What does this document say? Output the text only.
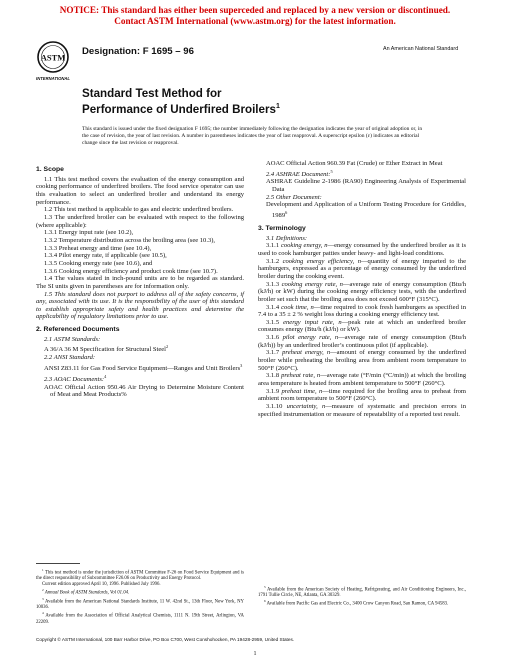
NOTICE: This standard has either been superceded and replaced by a new version or discontinued.
Contact ASTM International (www.astm.org) for the latest information.
ASTM
INTERNATIONAL
Designation: F 1695 – 96	An American National Standard
Standard Test Method for
Performance of Underfired Broilers$^1$
This standard is issued under the fixed designation F 1695; the number immediately following the designation indicates the year of original adoption or, in the case of revision, the year of last revision. A number in parentheses indicates the year of last reapproval. A superscript epsilon (ε) indicates an editorial change since the last revision or reapproval.
1. Scope

1.1 This test method covers the evaluation of the energy consumption and cooking performance of underfired broilers. The food service operator can use this evaluation to select an underfired broiler and understand its energy performance.

1.2 This test method is applicable to gas and electric underfired broilers.

1.3 The underfired broiler can be evaluated with respect to the following (where applicable):

1.3.1 Energy input rate (see 10.2),

1.3.2 Temperature distribution across the broiling area (see 10.3),

1.3.3 Preheat energy and time (see 10.4),

1.3.4 Pilot energy rate, if applicable (see 10.5),

1.3.5 Cooking energy rate (see 10.6), and

1.3.6 Cooking energy efficiency and product cook time (see 10.7).

1.4 The values stated in inch-pound units are to be regarded as standard. The SI units given in parentheses are for information only.

1.5 This standard does not purport to address all of the safety concerns, if any, associated with its use. It is the responsibility of the user of this standard to establish appropriate safety and health practices and determine the applicability of regulatory limitations prior to use.

2. Referenced Documents

2.1 ASTM Standards:

A 36/A 36 M Specification for Structural Steel$^2$

2.2 ANSI Standard:

ANSI Z83.11 for Gas Food Service Equipment—Ranges and Unit Broilers$^3$

2.3 AOAC Documents:$^4$

AOAC Official Action 950.46 Air Drying to Determine Moisture Content of Meat and Meat Products%

$^1$ This test method is under the jurisdiction of ASTM Committee F-26 on Food Service Equipment and is the direct responsibility of Subcommittee F26.06 on Productivity and Energy Protocol.

Current edition approved April 10, 1996. Published July 1996.

$^2$ Annual Book of ASTM Standards, Vol 01.04.

$^3$ Available from the American National Standards Institute, 11 W. 42nd St., 13th Floor, New York, NY 10036.

$^4$ Available from the Association of Official Analytical Chemists, 1111 N. 19th Street, Arlington, VA 22209.

AOAC Official Action 960.39 Fat (Crude) or Ether Extract in Meat

2.4 ASHRAE Document:$^5$

ASHRAE Guideline 2-1986 (RA90) Engineering Analysis of Experimental Data

2.5 Other Document:

Development and Application of a Uniform Testing Procedure for Griddles, 1989$^6$

3. Terminology

3.1 Definitions:

3.1.1 cooking energy, n—energy consumed by the underfired broiler as it is used to cook hamburger patties under heavy- and light-load conditions.

3.1.2 cooking energy efficiency, n—quantity of energy imparted to the hamburgers, expressed as a percentage of energy consumed by the underfired broiler during the cooking event.

3.1.3 cooking energy rate, n—average rate of energy consumption (Btu/h (kJ/h) or kW) during the cooking energy efficiency tests, with the underfired broiler set such that the broiling area does not exceed 600°F (315°C).

3.1.4 cook time, n—time required to cook fresh hamburgers as specified in 7.4 to a 35 ± 2 % weight loss during a cooking energy efficiency test.

3.1.5 energy input rate, n—peak rate at which an underfired broiler consumes energy (Btu/h (kJ/h) or kW).

3.1.6 pilot energy rate, n—average rate of energy consumption (Btu/h (kJ/h)) by an underfired broiler’s continuous pilot (if applicable).

3.1.7 preheat energy, n—amount of energy consumed by the underfired broiler while preheating the broiling area from ambient room temperature to 500°F (260°C).

3.1.8 preheat rate, n—average rate (°F/min (°C/min)) at which the broiling area temperature is heated from ambient temperature to 500°F (260°C).

3.1.9 preheat time, n—time required for the broiling area to preheat from ambient room temperature to 500°F (260°C).

3.1.10 uncertainty, n—measure of systematic and precision errors in specified instrumentation or measure of repeatability of a reported test result.

$^5$ Available from the American Society of Heating, Refrigerating, and Air Conditioning Engineers, Inc., 1791 Tullie Circle, NE, Atlanta, GA 30329.

$^6$ Available from Pacific Gas and Electric Co., 3400 Crow Canyon Road, San Ramon, CA 94583.

Copyright © ASTM International, 100 Barr Harbor Drive, PO Box C700, West Conshohocken, PA 19428-2959, United States.
1
